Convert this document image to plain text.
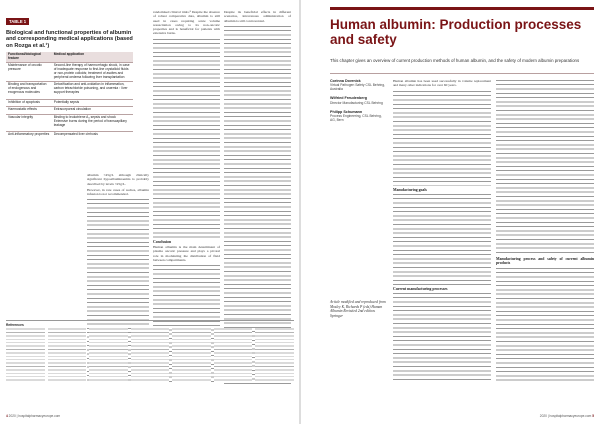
TABLE 1
Biological and functional properties of albumin and corresponding medical applications (based on Rozga et al.¹)
Functional/biological feature	Medical application
Maintenance of oncotic pressure	Second-line therapy of haemorrhagic shock, in case of inadequate response to first-line crystalloid fluids or non-protein colloids; treatment of ascites and peripheral oedema following liver transplantation
Binding and transportation of endogenous and exogenous molecules	Detoxification and anti-oxidation in inflammation, carbon tetrachloride poisoning, and uraemia ↑ liver support therapies
Inhibition of apoptosis	Potentially sepsis
Haemostatic effects	Extracorporeal circulation
Vascular integrity	Binding to leukotriene A₄ sepsis and shock Extensive burns during the period of transcapillary leakage
Anti-inflammatory properties	Decompensated liver cirrhosis

albumin <45g/L although clinically significant hypoalbuminaemia is probably described by levels <25g/L.

However, in rare cases of ascites, albumin infusion is not recommended.

randomised clinical trials.⁸ Despite the absence of robust comparative data, albumin is still used in cases requiring acute volume resuscitation owing to its non-oncotic properties and is beneficial for patients with extensive burns.

Conclusion

Human albumin is the main determinant of plasma oncotic pressure and plays a pivotal role in modulating the distribution of fluid between compartments.

Despite its beneficial effects in different scenarios, intravenous administration of albumin is still controversial.

References
4 2020 | hospitalpharmacyeurope.com
Human albumin: Production processes and safety
This chapter gives an overview of current production methods of human albumin, and the safety of modern albumin preparations
Corinna Dovrnick
Virtual Pathogen Safety CSL Behring, Australia
Wilfried Freudenberg
Director Manufacturing CSL Behring
Philipp Schumann
Process Engineering, CSL Behring, AG, Bern
Article modified and reproduced from Mosley K, Richards P (eds) Human Albumin Revisited 2nd edition. Springer

Human albumin has been used successfully in volume replacement and many other indications for over 60 years.

Manufacturing goals
Current manufacturing processes
Manufacturing process and safety of current albumin products
2020 | hospitalpharmacyeurope.com 5
